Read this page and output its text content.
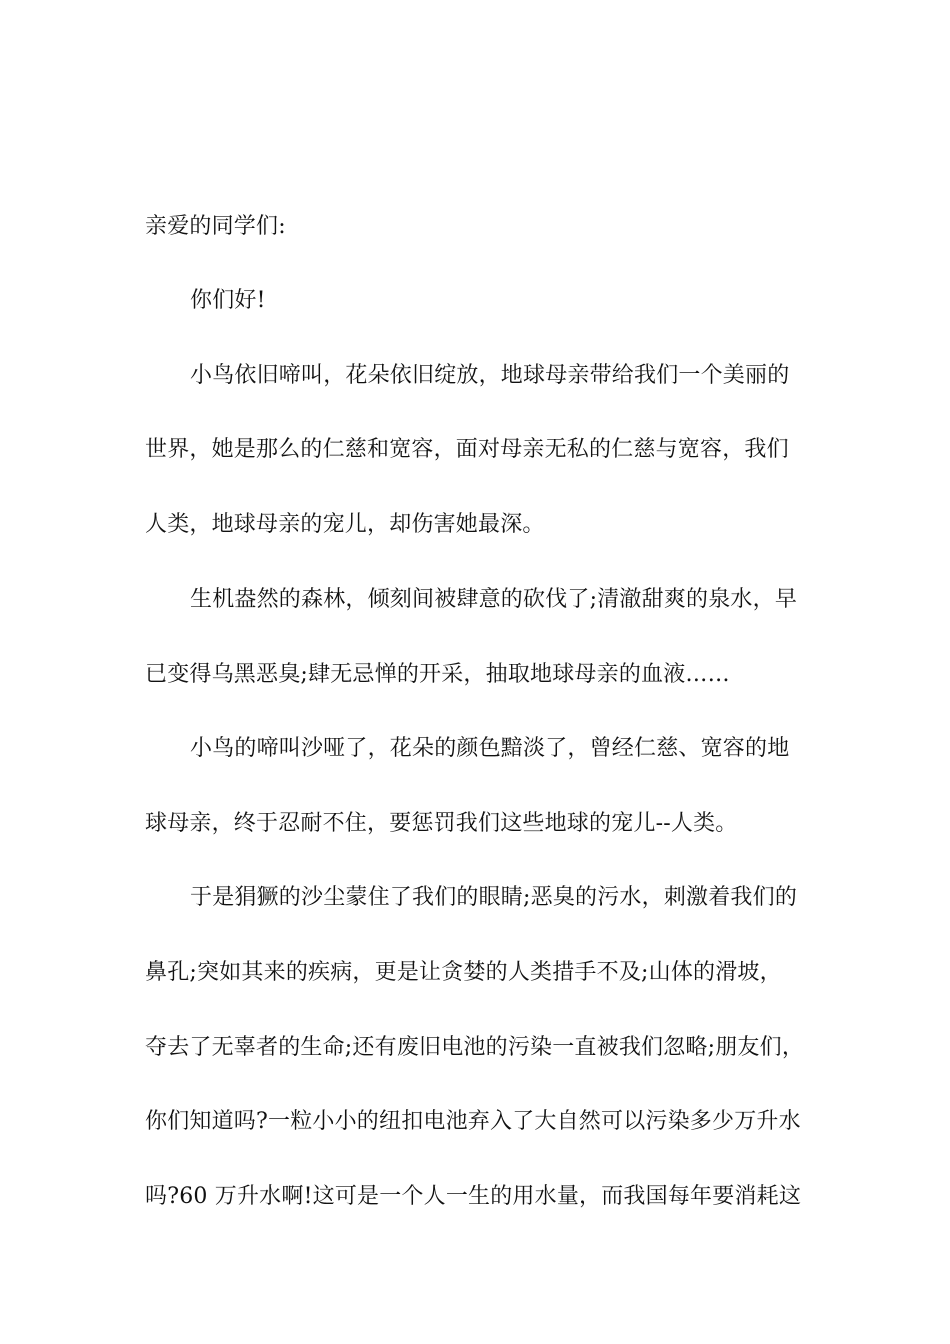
亲爱的同学们:
你们好!
小鸟依旧啼叫，花朵依旧绽放，地球母亲带给我们一个美丽的
世界，她是那么的仁慈和宽容，面对母亲无私的仁慈与宽容，我们
人类，地球母亲的宠儿，却伤害她最深。
生机盎然的森林，倾刻间被肆意的砍伐了;清澈甜爽的泉水，早
已变得乌黑恶臭;肆无忌惮的开采，抽取地球母亲的血液……
小鸟的啼叫沙哑了，花朵的颜色黯淡了，曾经仁慈、宽容的地
球母亲，终于忍耐不住，要惩罚我们这些地球的宠儿--人类。
于是狷獗的沙尘蒙住了我们的眼睛;恶臭的污水，刺激着我们的
鼻孔;突如其来的疾病，更是让贪婪的人类措手不及;山体的滑坡，
夺去了无辜者的生命;还有废旧电池的污染一直被我们忽略;朋友们，
你们知道吗?一粒小小的纽扣电池弃入了大自然可以污染多少万升水
吗?60 万升水啊!这可是一个人一生的用水量，而我国每年要消耗这
